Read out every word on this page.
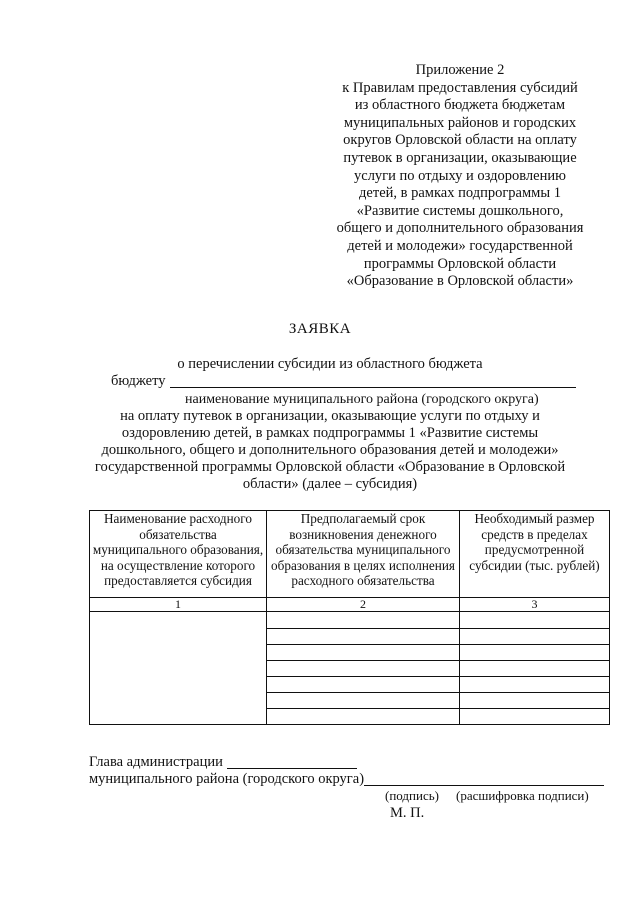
Приложение 2
к Правилам предоставления субсидий
из областного бюджета бюджетам
муниципальных районов и городских
округов Орловской области на оплату
путевок в организации, оказывающие
услуги по отдыху и оздоровлению
детей, в рамках подпрограммы 1
«Развитие системы дошкольного,
общего и дополнительного образования
детей и молодежи» государственной
программы Орловской области
«Образование в Орловской области»
ЗАЯВКА
о перечислении субсидии из областного бюджета
бюджету
наименование муниципального района (городского округа)
на оплату путевок в организации, оказывающие услуги по отдыху и
оздоровлению детей, в рамках подпрограммы 1 «Развитие системы
дошкольного, общего и дополнительного образования детей и молодежи»
государственной программы Орловской области «Образование в Орловской
области» (далее – субсидия)
Наименование расходного обязательства муниципального образования, на осуществление которого предоставляется субсидия	Предполагаемый срок возникновения денежного обязательства муниципального образования в целях исполнения расходного обязательства	Необходимый размер средств в пределах предусмотренной субсидии (тыс. рублей)
1	2	3

Глава администрации
муниципального района (городского округа)
(подпись) (расшифровка подписи)
М. П.
